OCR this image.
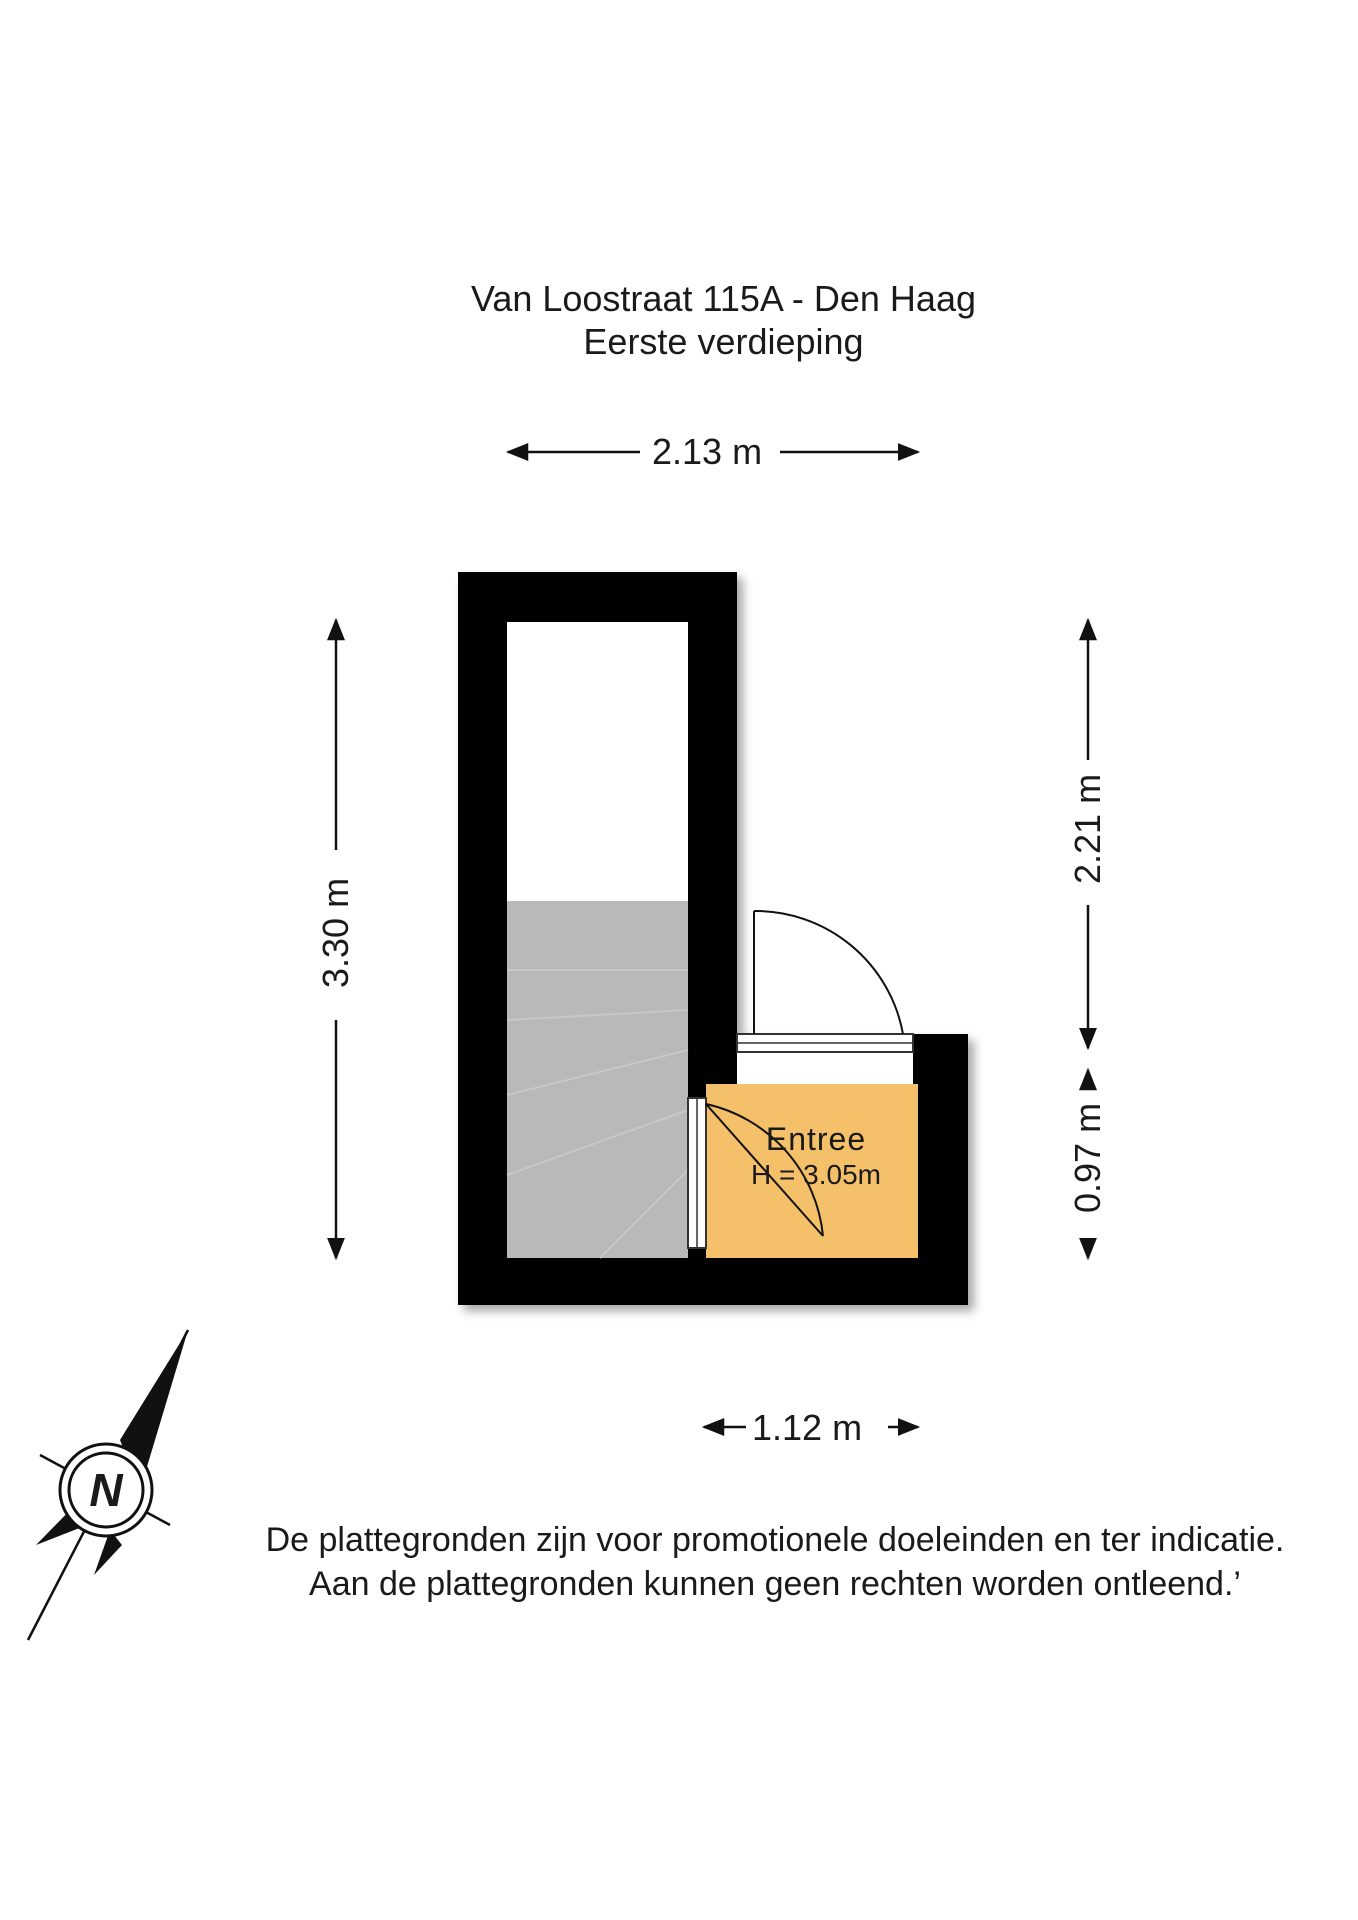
Van Loostraat 115A - Den Haag
Eerste verdieping
N
2.13 m
3.30 m
2.21 m
0.97 m
1.12 m
Entree
H = 3.05m
De plattegronden zijn voor promotionele doeleinden en ter indicatie.
Aan de plattegronden kunnen geen rechten worden ontleend.’
